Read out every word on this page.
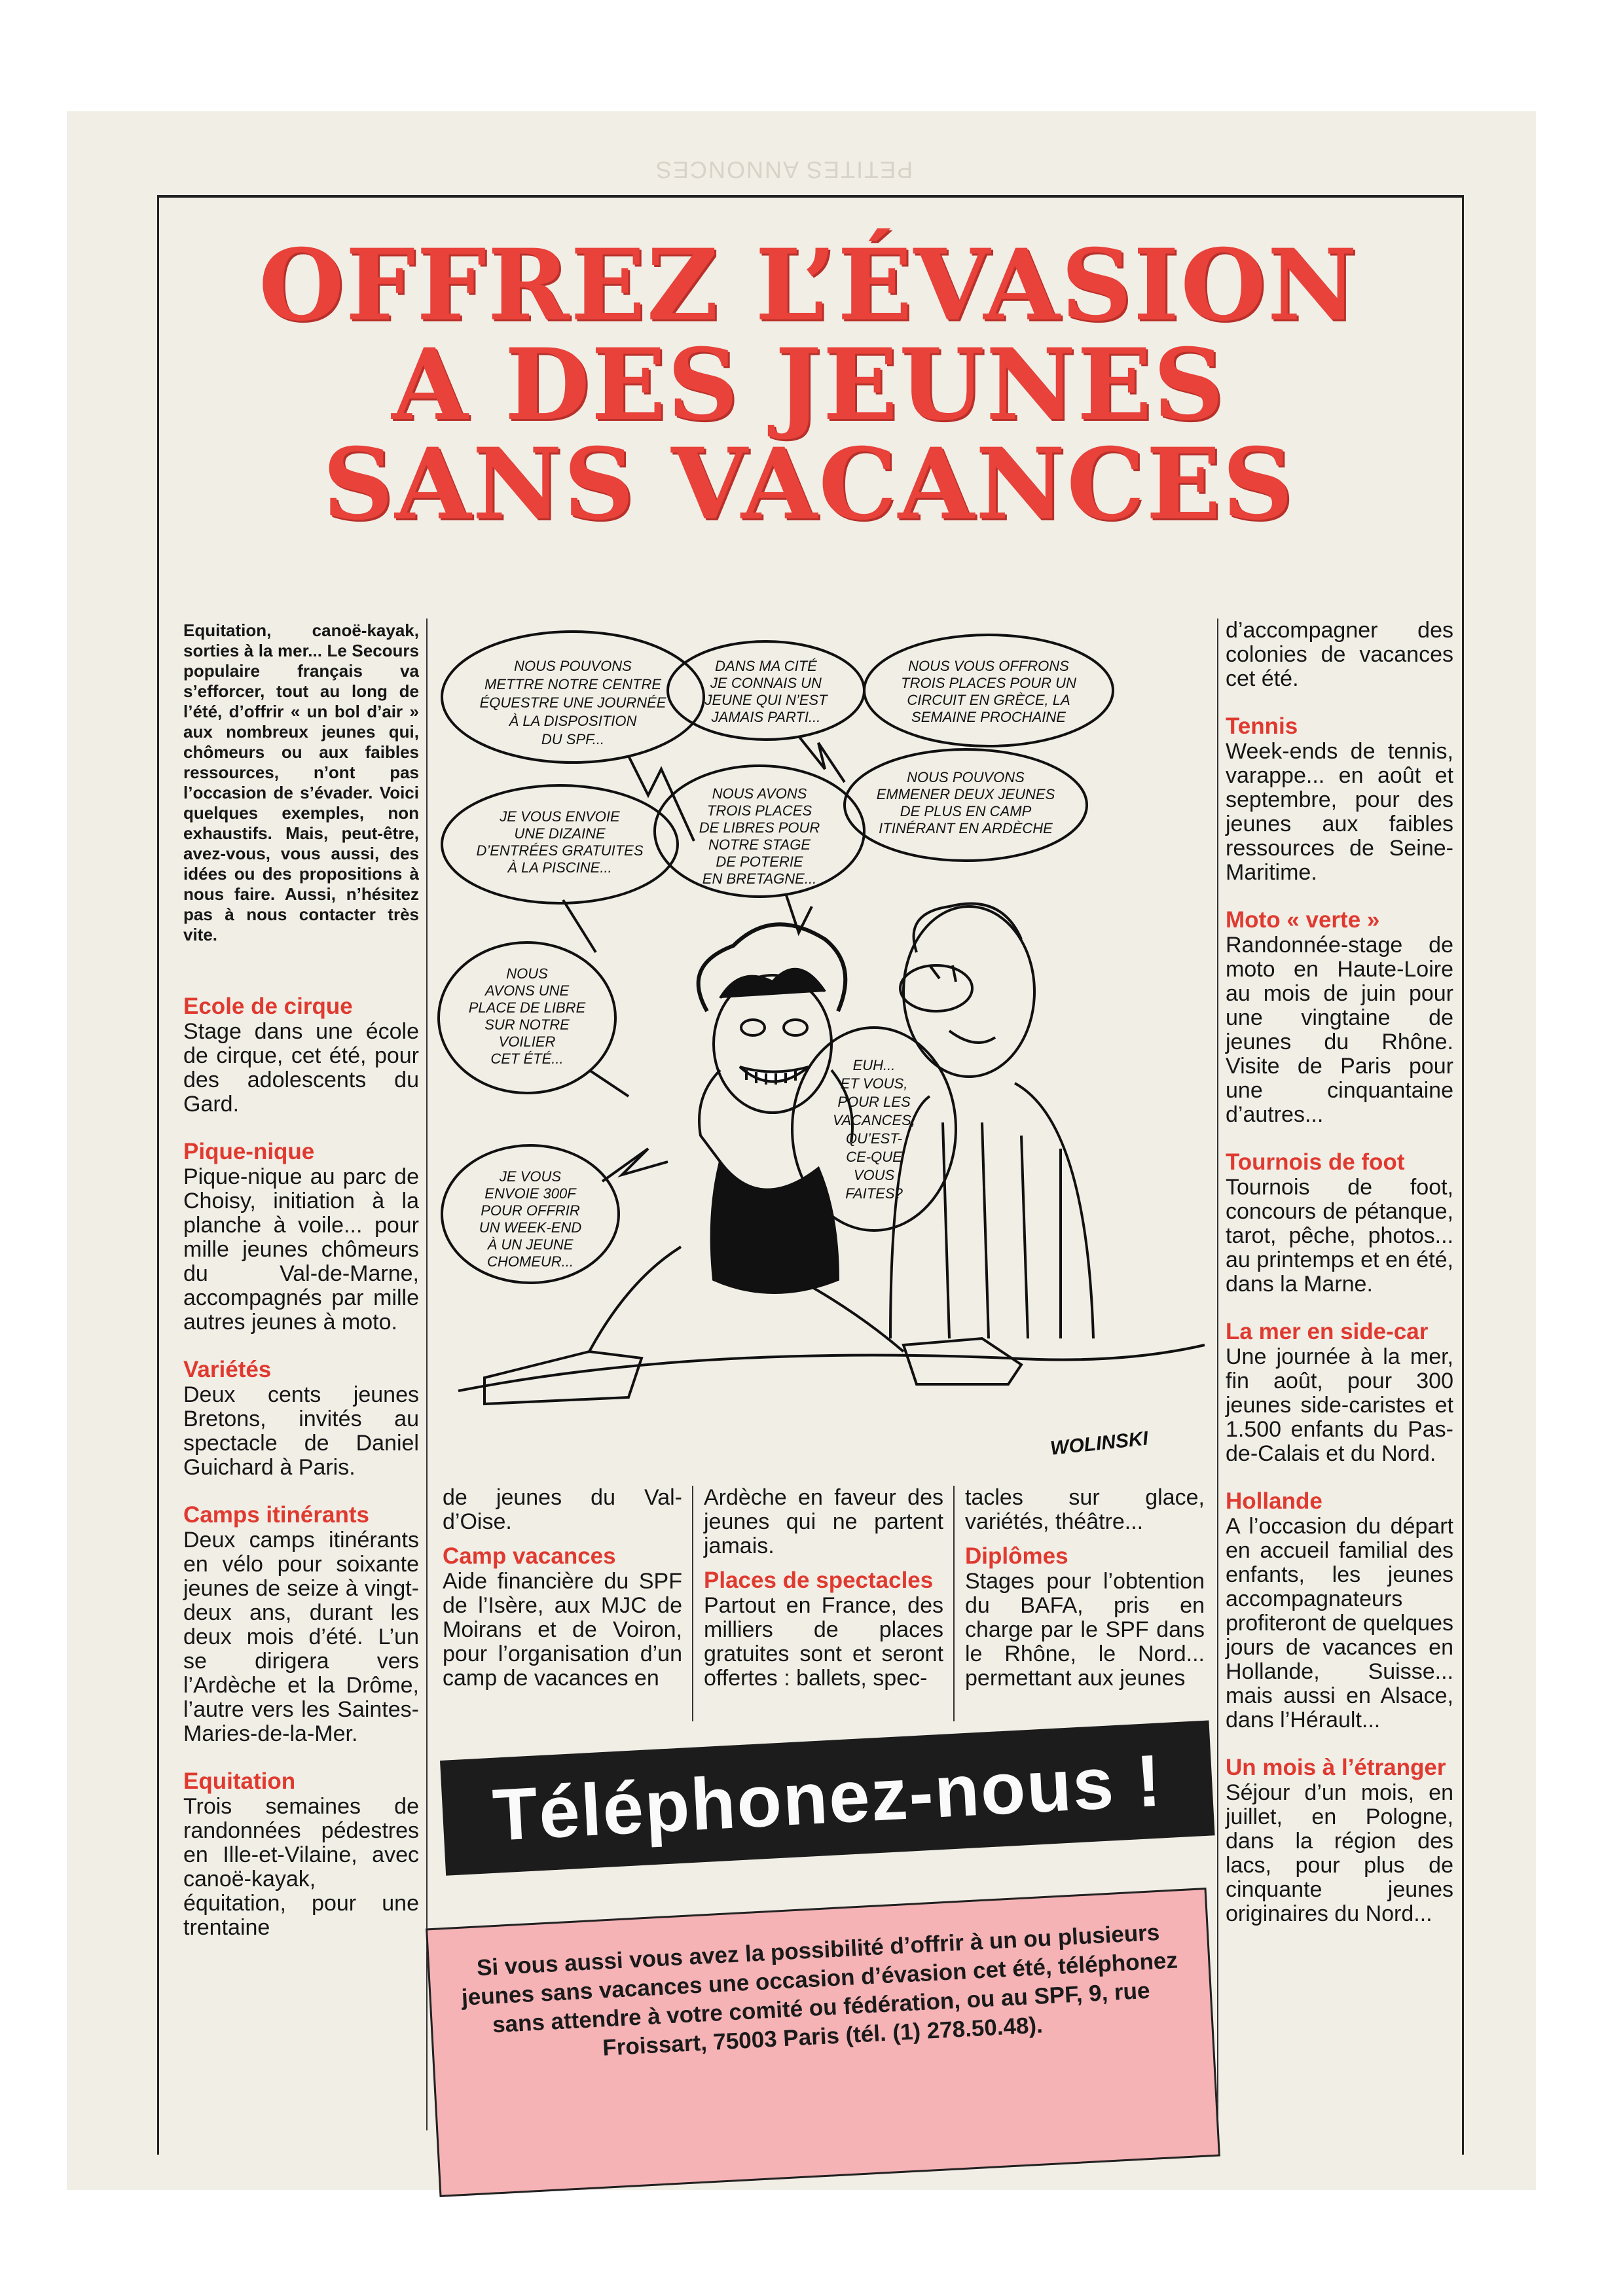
PETITES ANNONCES
OFFREZ L’ÉVASION
A DES JEUNES
SANS VACANCES

Equitation, canoë-kayak, sorties à la mer... Le Secours populaire français va s’efforcer, tout au long de l’été, d’offrir « un bol d’air » aux nombreux jeunes qui, chômeurs ou aux faibles ressources, n’ont pas l’occasion de s’évader. Voici quelques exemples, non exhaustifs. Mais, peut-être, avez-vous, vous aussi, des idées ou des propositions à nous faire. Aussi, n’hésitez pas à nous contacter très vite.

Ecole de cirque

Stage dans une école de cirque, cet été, pour des adolescents du Gard.

Pique-nique

Pique-nique au parc de Choisy, initiation à la planche à voile... pour mille jeunes chômeurs du Val-de-Marne, accompagnés par mille autres jeunes à moto.

Variétés

Deux cents jeunes Bretons, invités au spectacle de Daniel Guichard à Paris.

Camps itinérants

Deux camps itinérants en vélo pour soixante jeunes de seize à vingt-deux ans, durant les deux mois d’été. L’un se dirigera vers l’Ardèche et la Drôme, l’autre vers les Saintes-Maries-de-la-Mer.

Equitation

Trois semaines de randonnées pédestres en Ille-et-Vilaine, avec canoë-kayak, équitation, pour une trentaine

NOUS POUVONS METTRE NOTRE CENTRE ÉQUESTRE UNE JOURNÉE À LA DISPOSITION DU SPF...
DANS MA CITÉ JE CONNAIS UN JEUNE QUI N’EST JAMAIS PARTI...
NOUS VOUS OFFRONS TROIS PLACES POUR UN CIRCUIT EN GRÈCE, LA SEMAINE PROCHAINE
NOUS AVONS TROIS PLACES DE LIBRES POUR NOTRE STAGE DE POTERIE EN BRETAGNE...
NOUS POUVONS EMMENER DEUX JEUNES DE PLUS EN CAMP ITINÉRANT EN ARDÈCHE
JE VOUS ENVOIE UNE DIZAINE D’ENTRÉES GRATUITES À LA PISCINE...
NOUS AVONS UNE PLACE DE LIBRE SUR NOTRE VOILIER CET ÉTÉ...	EUH... ET VOUS, POUR LES VACANCES, QU’EST-CE-QUE VOUS FAITES?
JE VOUS ENVOIE 300F POUR OFFRIR UN WEEK-END À UN JEUNE CHOMEUR...
WOLINSKI

de jeunes du Val-d’Oise.

Camp vacances

Aide financière du SPF de l’Isère, aux MJC de Moirans et de Voiron, pour l’organisation d’un camp de vacances en

Ardèche en faveur des jeunes qui ne partent jamais.

Places de spectacles

Partout en France, des milliers de places gratuites sont et seront offertes : ballets, spec-

tacles sur glace, variétés, théâtre...

Diplômes

Stages pour l’obtention du BAFA, pris en charge par le SPF dans le Rhône, le Nord... permettant aux jeunes

d’accompagner des colonies de vacances cet été.

Tennis

Week-ends de tennis, varappe... en août et septembre, pour des jeunes aux faibles ressources de Seine-Maritime.

Moto « verte »

Randonnée-stage de moto en Haute-Loire au mois de juin pour une vingtaine de jeunes du Rhône. Visite de Paris pour une cinquantaine d’autres...

Tournois de foot

Tournois de foot, concours de pétanque, tarot, pêche, photos... au printemps et en été, dans la Marne.

La mer en side-car

Une journée à la mer, fin août, pour 300 jeunes side-caristes et 1.500 enfants du Pas-de-Calais et du Nord.

Hollande

A l’occasion du départ en accueil familial des enfants, les jeunes accompagnateurs profiteront de quelques jours de vacances en Hollande, Suisse... mais aussi en Alsace, dans l’Hérault...

Un mois à l’étranger

Séjour d’un mois, en juillet, en Pologne, dans la région des lacs, pour plus de cinquante jeunes originaires du Nord...

Téléphonez-nous !
Si vous aussi vous avez la possibilité d’offrir à un ou plusieurs jeunes sans vacances une occasion d’évasion cet été, téléphonez sans attendre à votre comité ou fédération, ou au SPF, 9, rue Froissart, 75003 Paris (tél. (1) 278.50.48).
